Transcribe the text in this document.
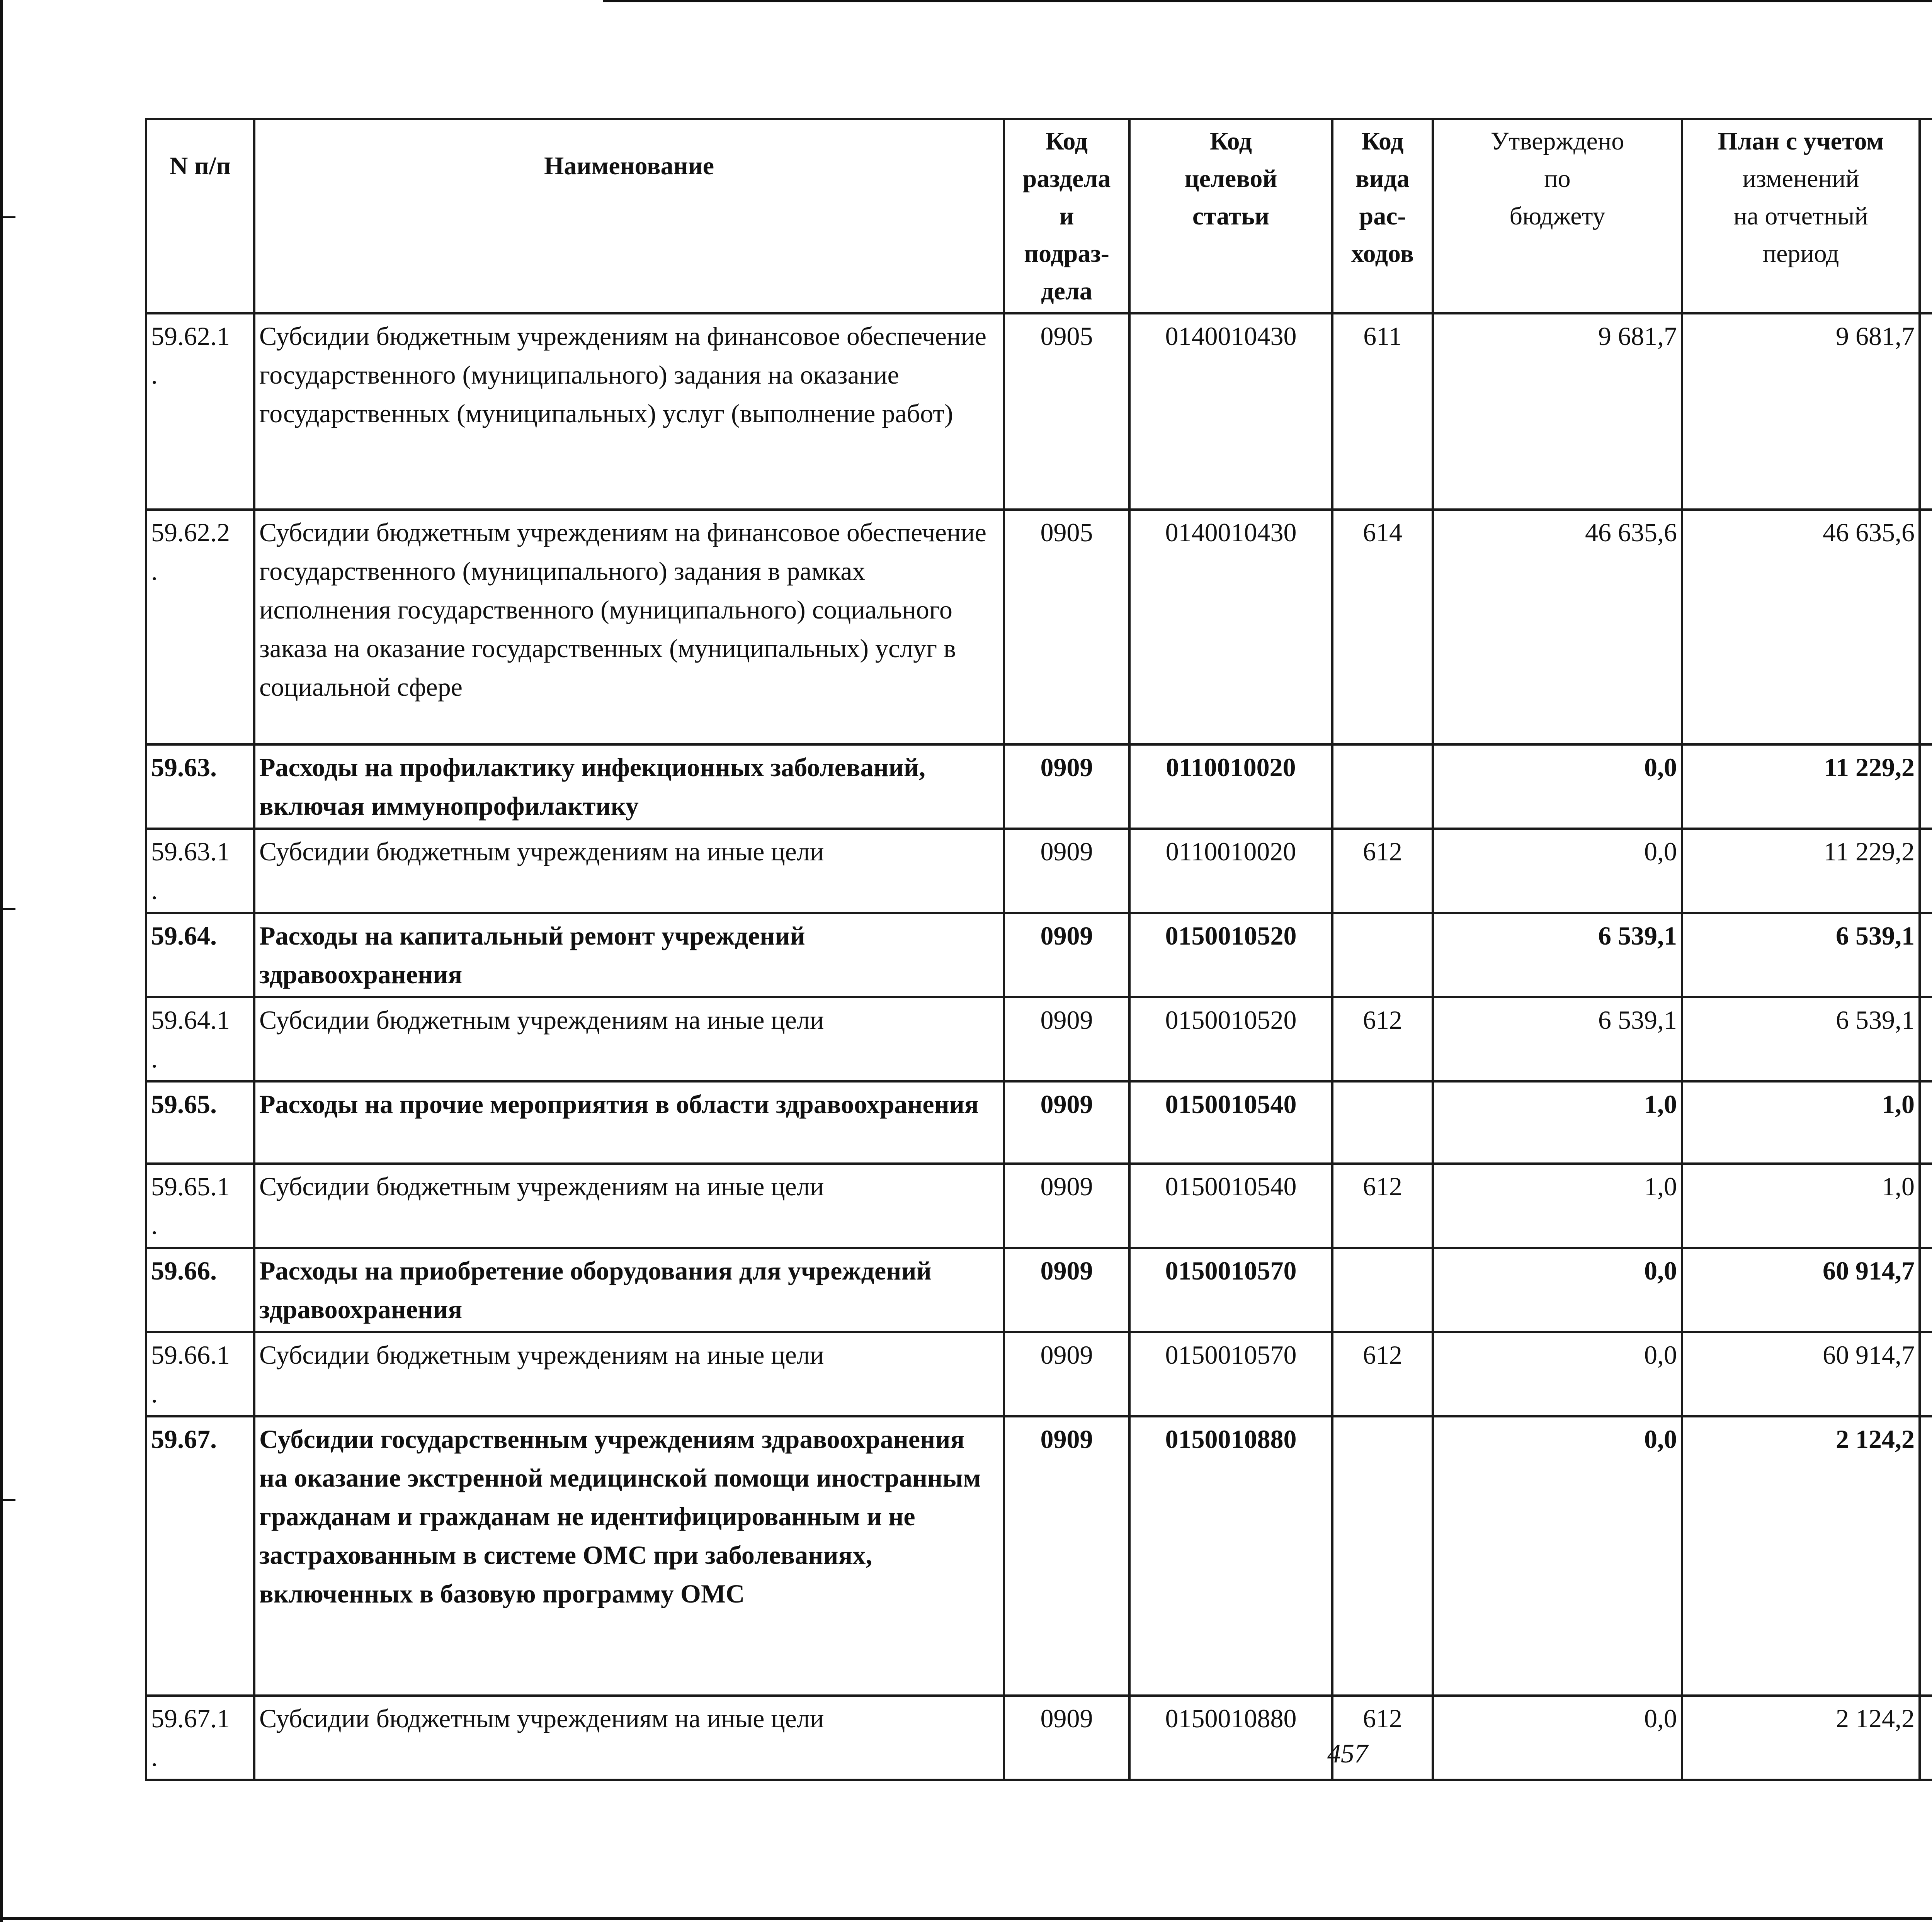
N п/п	Наименование	Код
раздела
и
подраз-
дела	Код
целевой
статьи	Код
вида
рас-
ходов	Утверждено
по
бюджету	План с учетом
изменений
на отчетный
период

59.62.1
.	Субсидии бюджетным учреждениям на финансовое обеспечение государственного (муниципального) задания на оказание государственных (муниципальных) услуг (выполнение работ)	0905	0140010430	611	9 681,7	9 681,7			
59.62.2
.	Субсидии бюджетным учреждениям на финансовое обеспечение государственного (муниципального) задания в рамках исполнения государственного (муниципального) социального заказа на оказание государственных (муниципальных) услуг в социальной сфере	0905	0140010430	614	46 635,6	46 635,6			
59.63.	Расходы на профилактику инфекционных заболеваний, включая иммунопрофилактику	0909	0110010020		0,0	11 229,2			
59.63.1
.	Субсидии бюджетным учреждениям на иные цели	0909	0110010020	612	0,0	11 229,2			
59.64.	Расходы на капитальный ремонт учреждений здравоохранения	0909	0150010520		6 539,1	6 539,1			
59.64.1
.	Субсидии бюджетным учреждениям на иные цели	0909	0150010520	612	6 539,1	6 539,1			
59.65.	Расходы на прочие мероприятия в области здравоохранения	0909	0150010540		1,0	1,0			
59.65.1
.	Субсидии бюджетным учреждениям на иные цели	0909	0150010540	612	1,0	1,0			
59.66.	Расходы на приобретение оборудования для учреждений здравоохранения	0909	0150010570		0,0	60 914,7			
59.66.1
.	Субсидии бюджетным учреждениям на иные цели	0909	0150010570	612	0,0	60 914,7			
59.67.	Субсидии государственным учреждениям здравоохранения на оказание экстренной медицинской помощи иностранным гражданам и гражданам не идентифицированным и не застрахованным в системе ОМС при заболеваниях, включенных в базовую программу ОМС	0909	0150010880		0,0	2 124,2			
59.67.1
.	Субсидии бюджетным учреждениям на иные цели	0909	0150010880	612	0,0	2 124,2			
457
